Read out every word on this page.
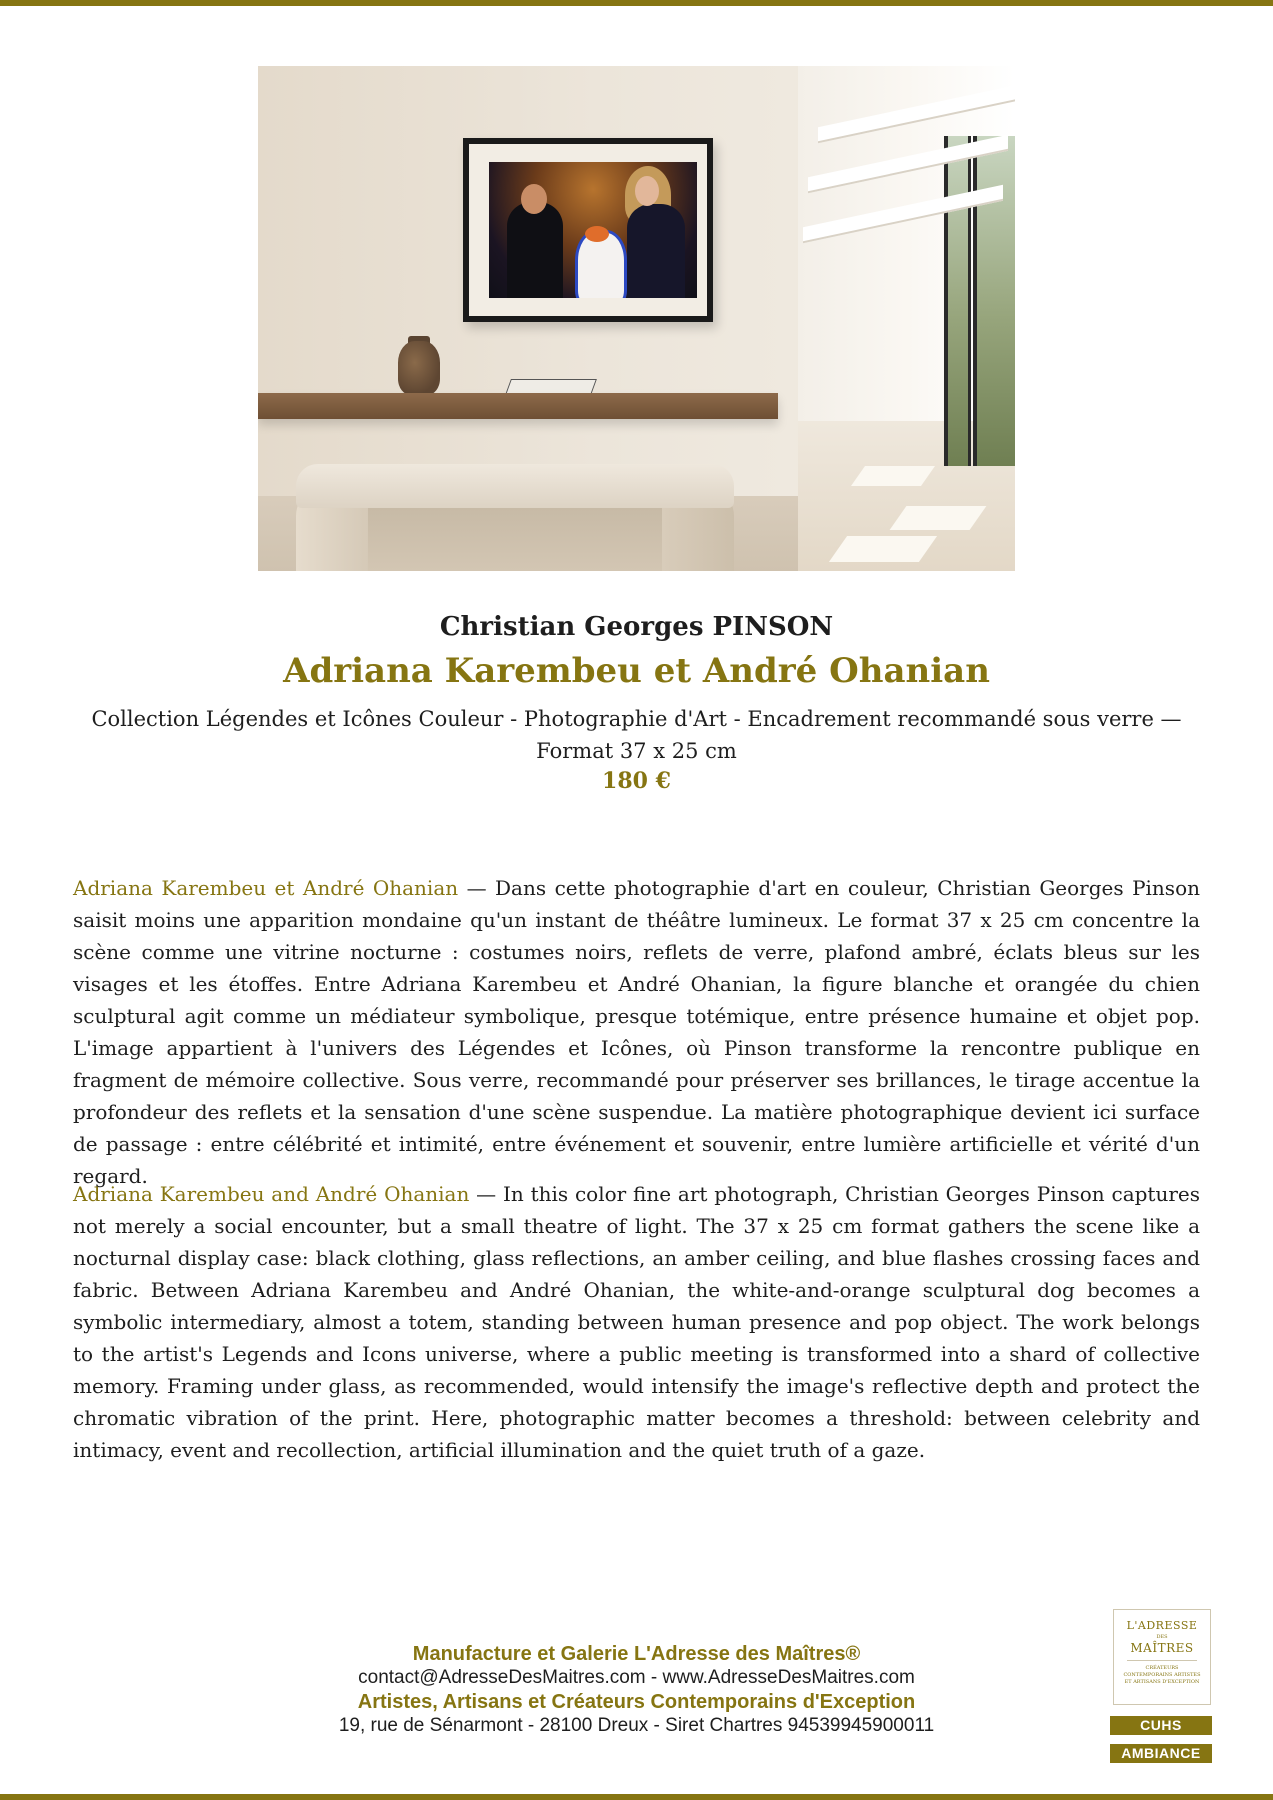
Christian Georges PINSON
Adriana Karembeu et André Ohanian
Collection Légendes et Icônes Couleur - Photographie d'Art - Encadrement recommandé sous verre — Format 37 x 25 cm
180 €

Adriana Karembeu et André Ohanian — Dans cette photographie d'art en couleur, Christian Georges Pinson saisit moins une apparition mondaine qu'un instant de théâtre lumineux. Le format 37 x 25 cm concentre la scène comme une vitrine nocturne : costumes noirs, reflets de verre, plafond ambré, éclats bleus sur les visages et les étoffes. Entre Adriana Karembeu et André Ohanian, la figure blanche et orangée du chien sculptural agit comme un médiateur symbolique, presque totémique, entre présence humaine et objet pop. L'image appartient à l'univers des Légendes et Icônes, où Pinson transforme la rencontre publique en fragment de mémoire collective. Sous verre, recommandé pour préserver ses brillances, le tirage accentue la profondeur des reflets et la sensation d'une scène suspendue. La matière photographique devient ici surface de passage : entre célébrité et intimité, entre événement et souvenir, entre lumière artificielle et vérité d'un regard.

Adriana Karembeu and André Ohanian — In this color fine art photograph, Christian Georges Pinson captures not merely a social encounter, but a small theatre of light. The 37 x 25 cm format gathers the scene like a nocturnal display case: black clothing, glass reflections, an amber ceiling, and blue flashes crossing faces and fabric. Between Adriana Karembeu and André Ohanian, the white-and-orange sculptural dog becomes a symbolic intermediary, almost a totem, standing between human presence and pop object. The work belongs to the artist's Legends and Icons universe, where a public meeting is transformed into a shard of collective memory. Framing under glass, as recommended, would intensify the image's reflective depth and protect the chromatic vibration of the print. Here, photographic matter becomes a threshold: between celebrity and intimacy, event and recollection, artificial illumination and the quiet truth of a gaze.

Manufacture et Galerie L'Adresse des Maîtres®
contact@AdresseDesMaitres.com - www.AdresseDesMaitres.com
Artistes, Artisans et Créateurs Contemporains d'Exception
19, rue de Sénarmont - 28100 Dreux - Siret Chartres 94539945900011
L'ADRESSE
DES
MAÎTRES
CRÉATEURS CONTEMPORAINS ARTISTES ET ARTISANS D'EXCEPTION
CUHS
AMBIANCE
